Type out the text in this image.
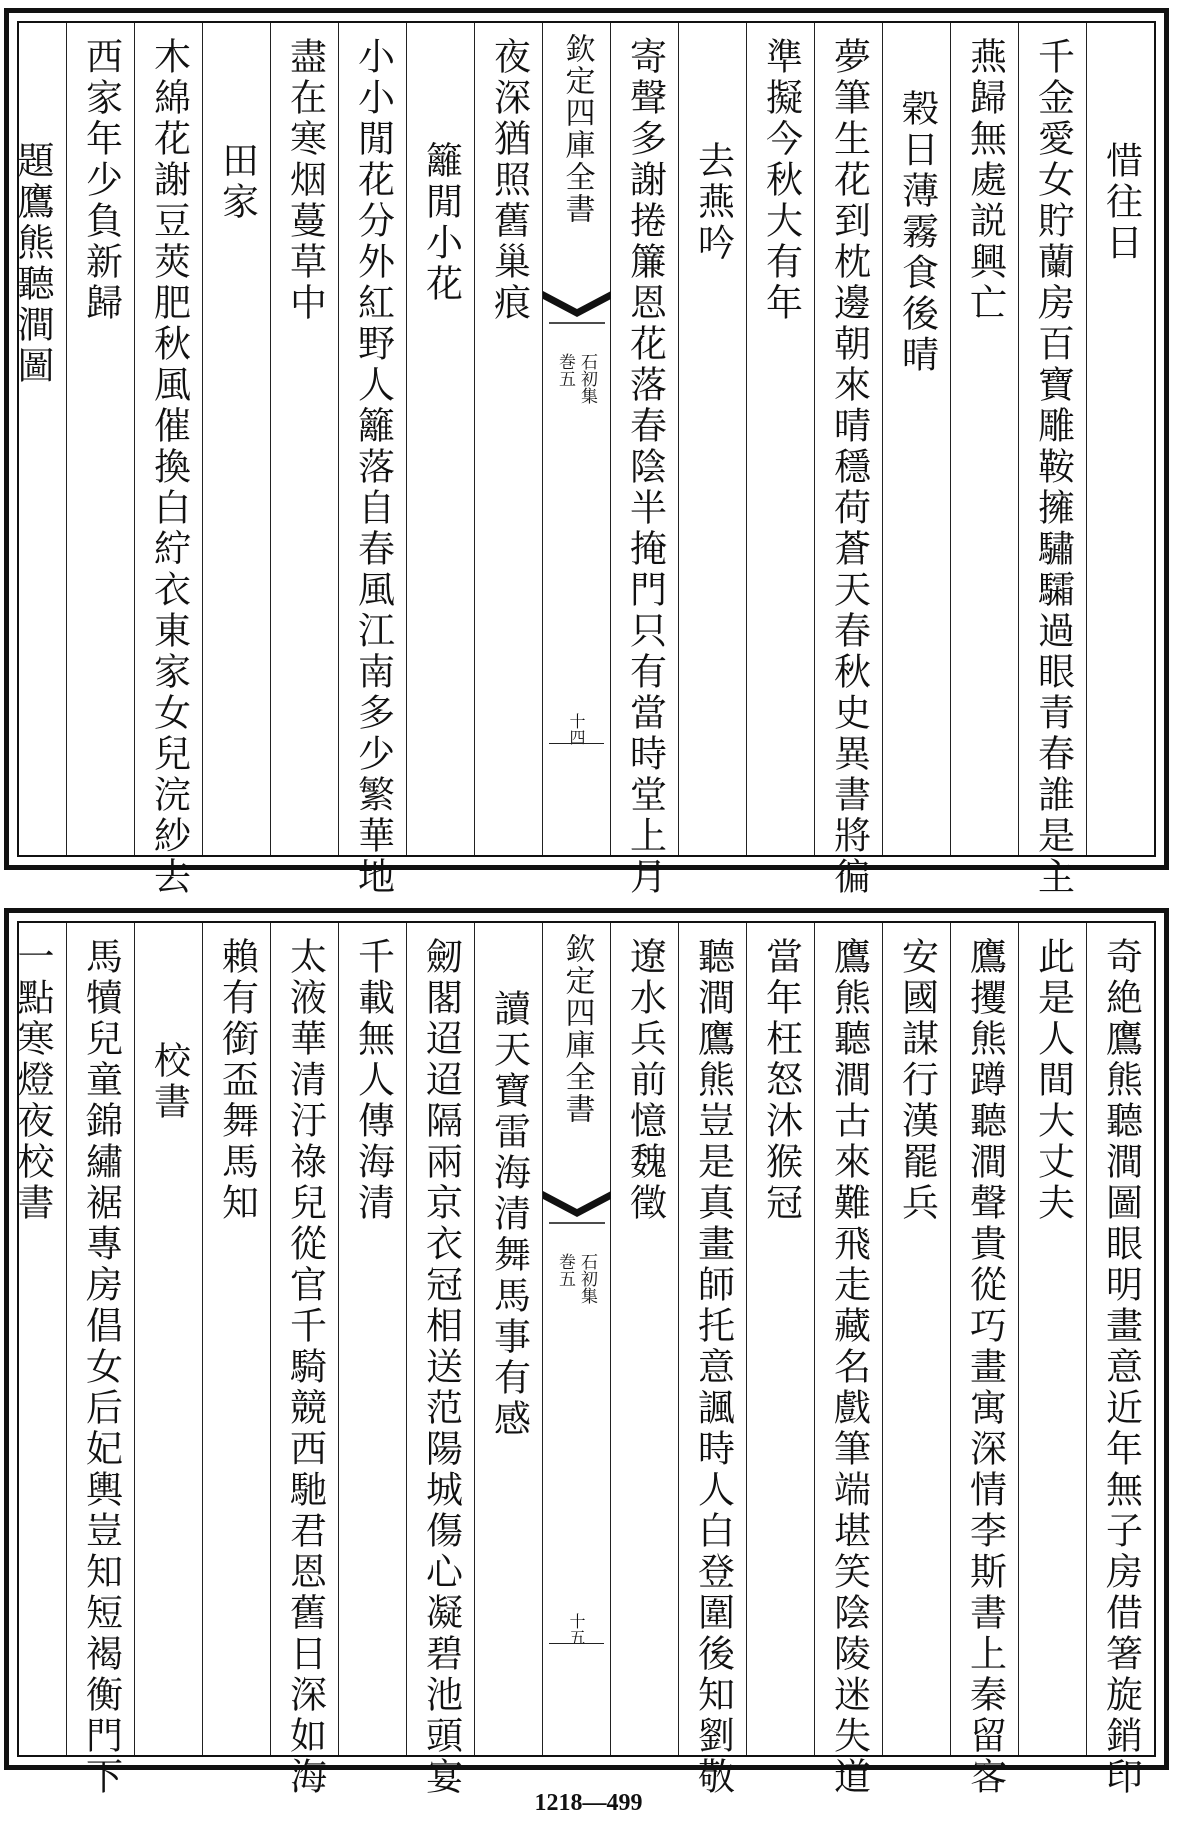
惜往日
千金愛女貯蘭房百寶雕鞍擁驌驦過眼青春誰是主
燕歸無處説興亡
榖日薄霧食後晴
夢筆生花到枕邊朝來晴穩荷蒼天春秋史異書將徧
準擬今秋大有年
去燕吟
寄聲多謝捲簾恩花落春陰半掩門只有當時堂上月
欽定四庫全書
石初集
巻五
十四
夜深猶照舊巢痕
籬閒小花
小小閒花分外紅野人籬落自春風江南多少繁華地
盡在寒烟蔓草中
田家
木綿花謝豆莢肥秋風催換白紵衣東家女兒浣紗去
西家年少負新歸
題鷹熊聽澗圖
奇絶鷹熊聽澗圖眼明畫意近年無子房借箸旋銷印
此是人間大丈夫
鷹攫熊蹲聽澗聲貴從巧畫寓深情李斯書上秦留客
安國謀行漢罷兵
鷹熊聽澗古來難飛走藏名戲筆端堪笑陰陵迷失道
當年枉怒沐猴冠
聽澗鷹熊豈是真畫師托意諷時人白登圍後知劉敬
遼水兵前憶魏徵
欽定四庫全書
石初集
巻五
十五
讀天寶雷海清舞馬事有感
劒閣迢迢隔兩京衣冠相送范陽城傷心凝碧池頭宴
千載無人傳海清
太液華清汙祿兒從官千騎競西馳君恩舊日深如海
賴有銜盃舞馬知
校書
馬犢兒童錦繡裾專房倡女后妃輿豈知短褐衡門下
一點寒燈夜校書
1218—499
